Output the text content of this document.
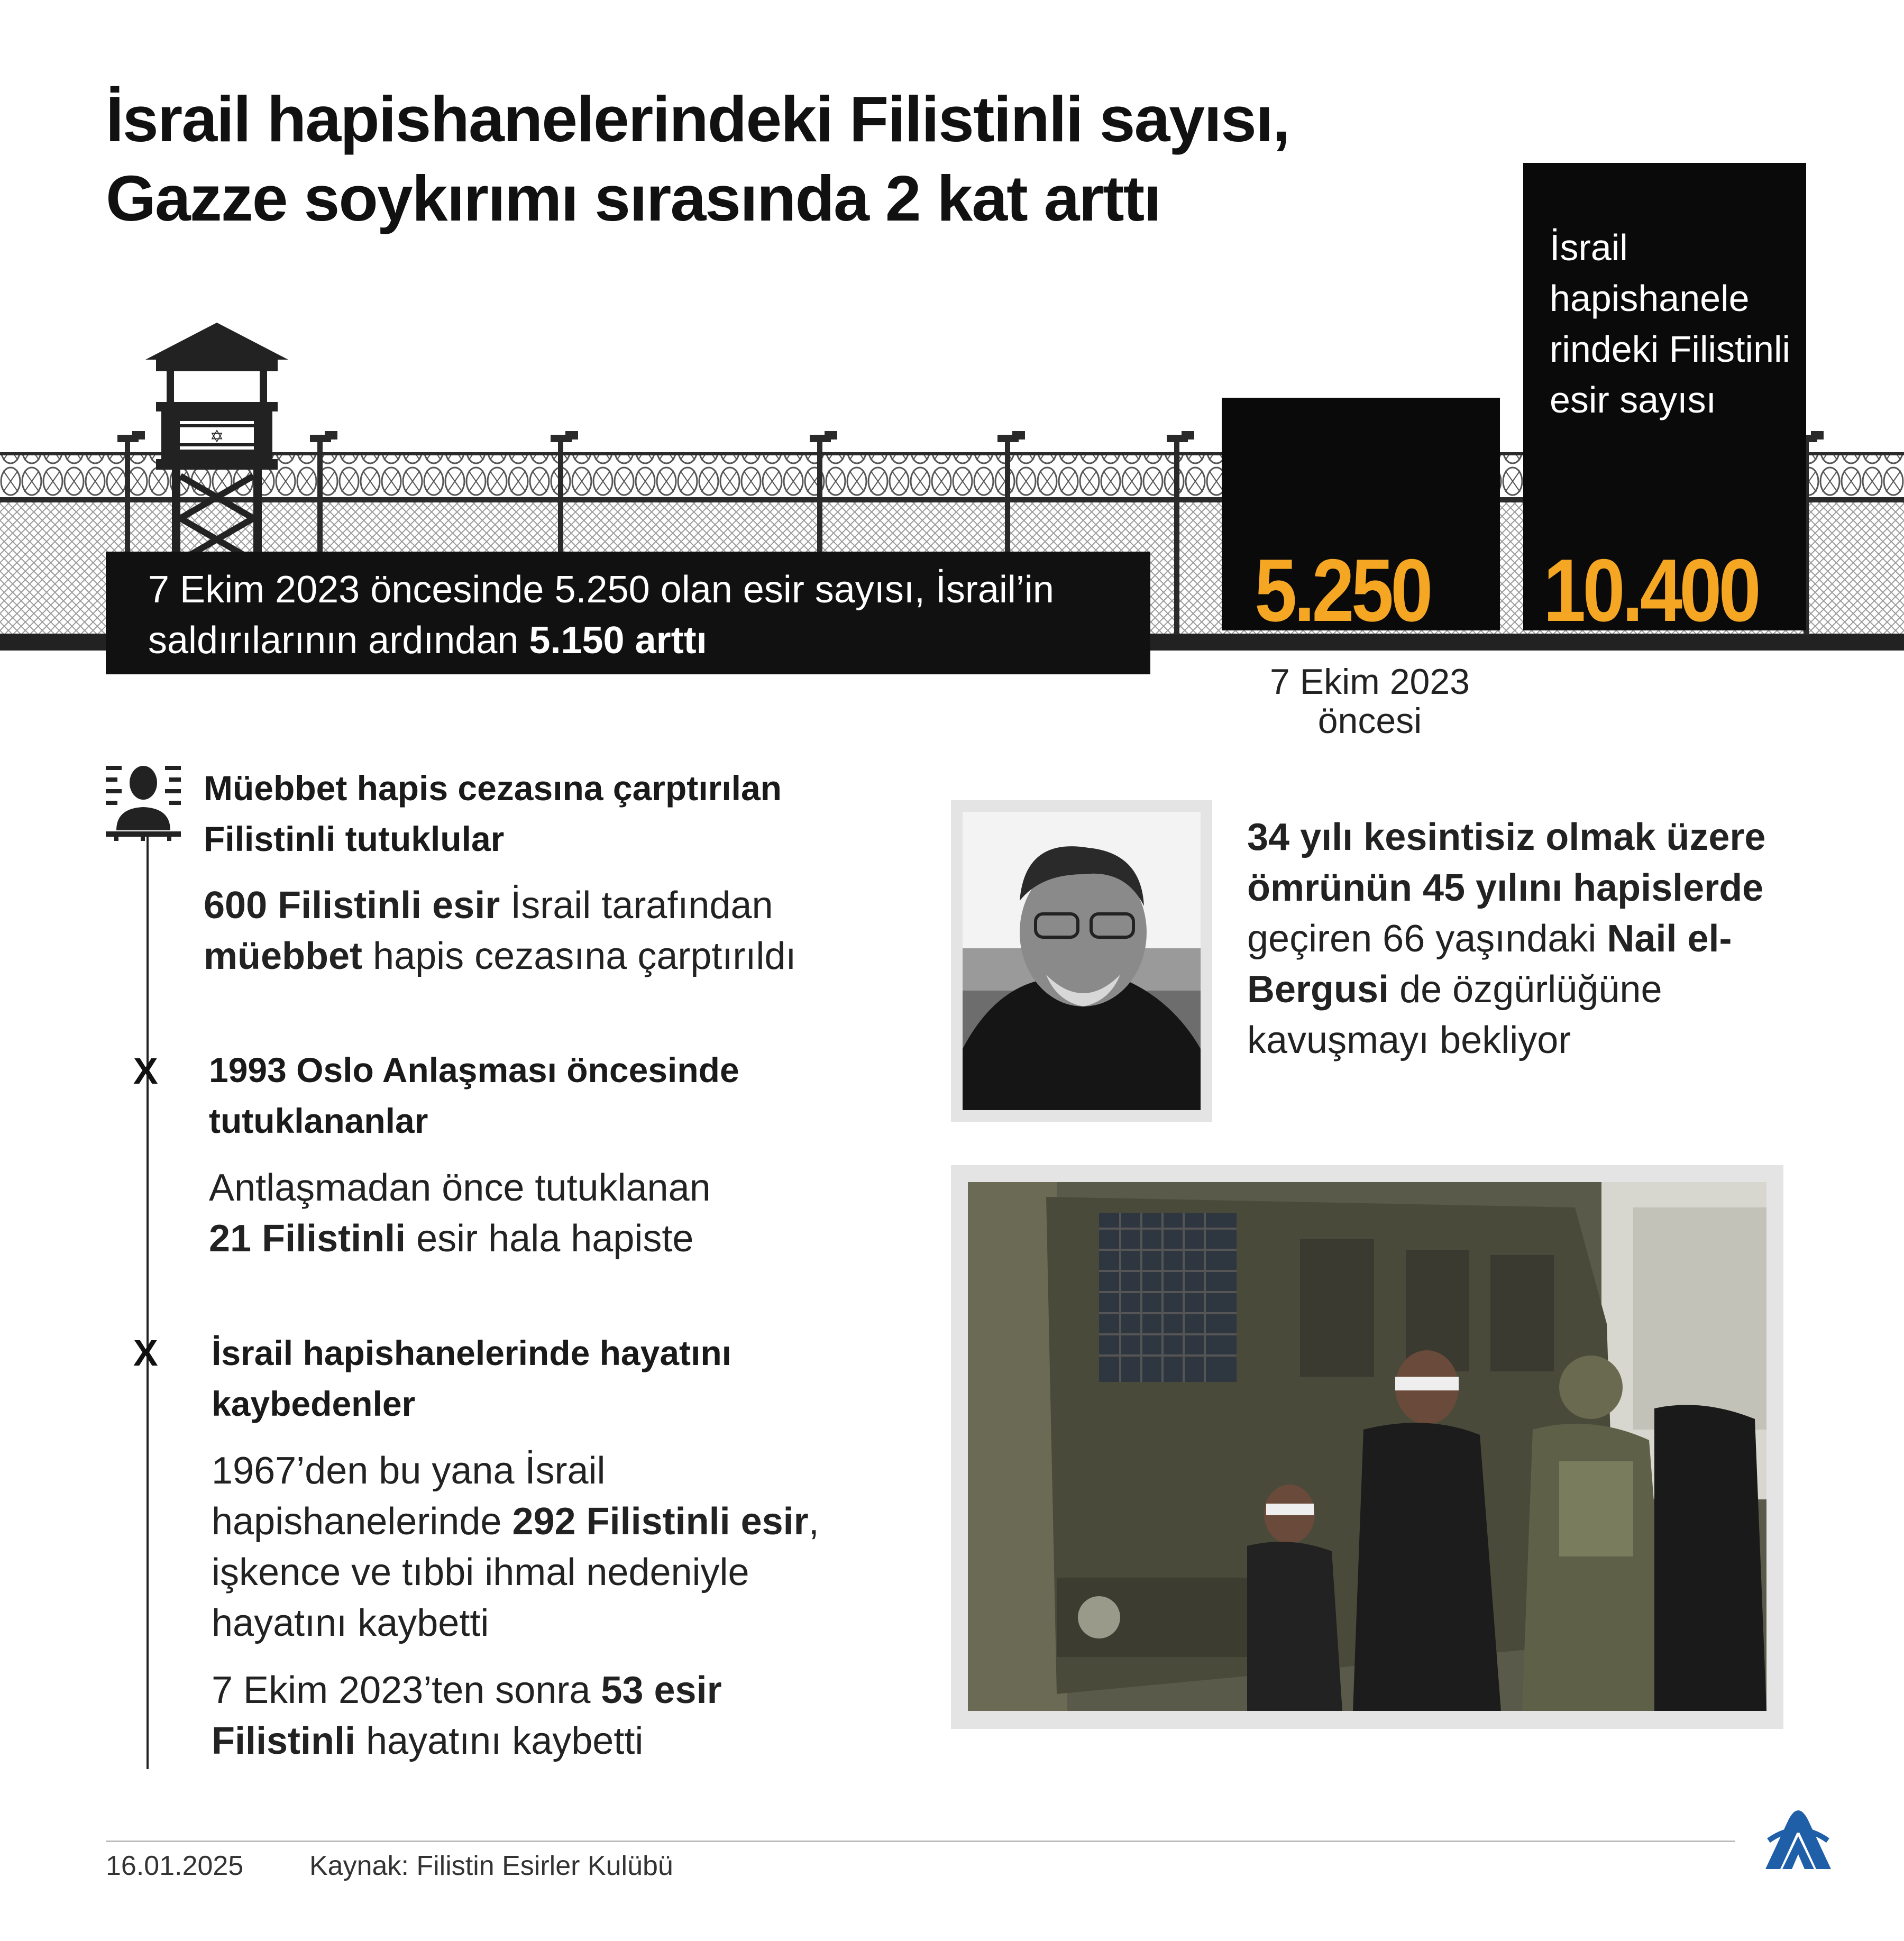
İsrail hapishanelerindeki Filistinli sayısı,
Gazze soykırımı sırasında 2 kat arttı
✡
7 Ekim 2023 öncesinde 5.250 olan esir sayısı, İsrail’in saldırılarının ardından 5.150 arttı
İsrail hapishanele rindeki Filistinli esir sayısı
5.250 10.400
7 Ekim 2023 öncesi
Müebbet hapis cezasına çarptırılan Filistinli tutuklular
600 Filistinli esir İsrail tarafından
müebbet hapis cezasına çarptırıldı
X 1993 Oslo Anlaşması öncesinde tutuklananlar
Antlaşmadan önce tutuklanan
21 Filistinli esir hala hapiste
X İsrail hapishanelerinde hayatını kaybedenler
1967’den bu yana İsrail hapishanelerinde 292 Filistinli esir, işkence ve tıbbi ihmal nedeniyle hayatını kaybetti
7 Ekim 2023’ten sonra 53 esir Filistinli hayatını kaybetti
34 yılı kesintisiz olmak üzere ömrünün 45 yılını hapislerde geçiren 66 yaşındaki Nail el-Bergusi de özgürlüğüne kavuşmayı bekliyor
16.01.2025 Kaynak: Filistin Esirler Kulübü
